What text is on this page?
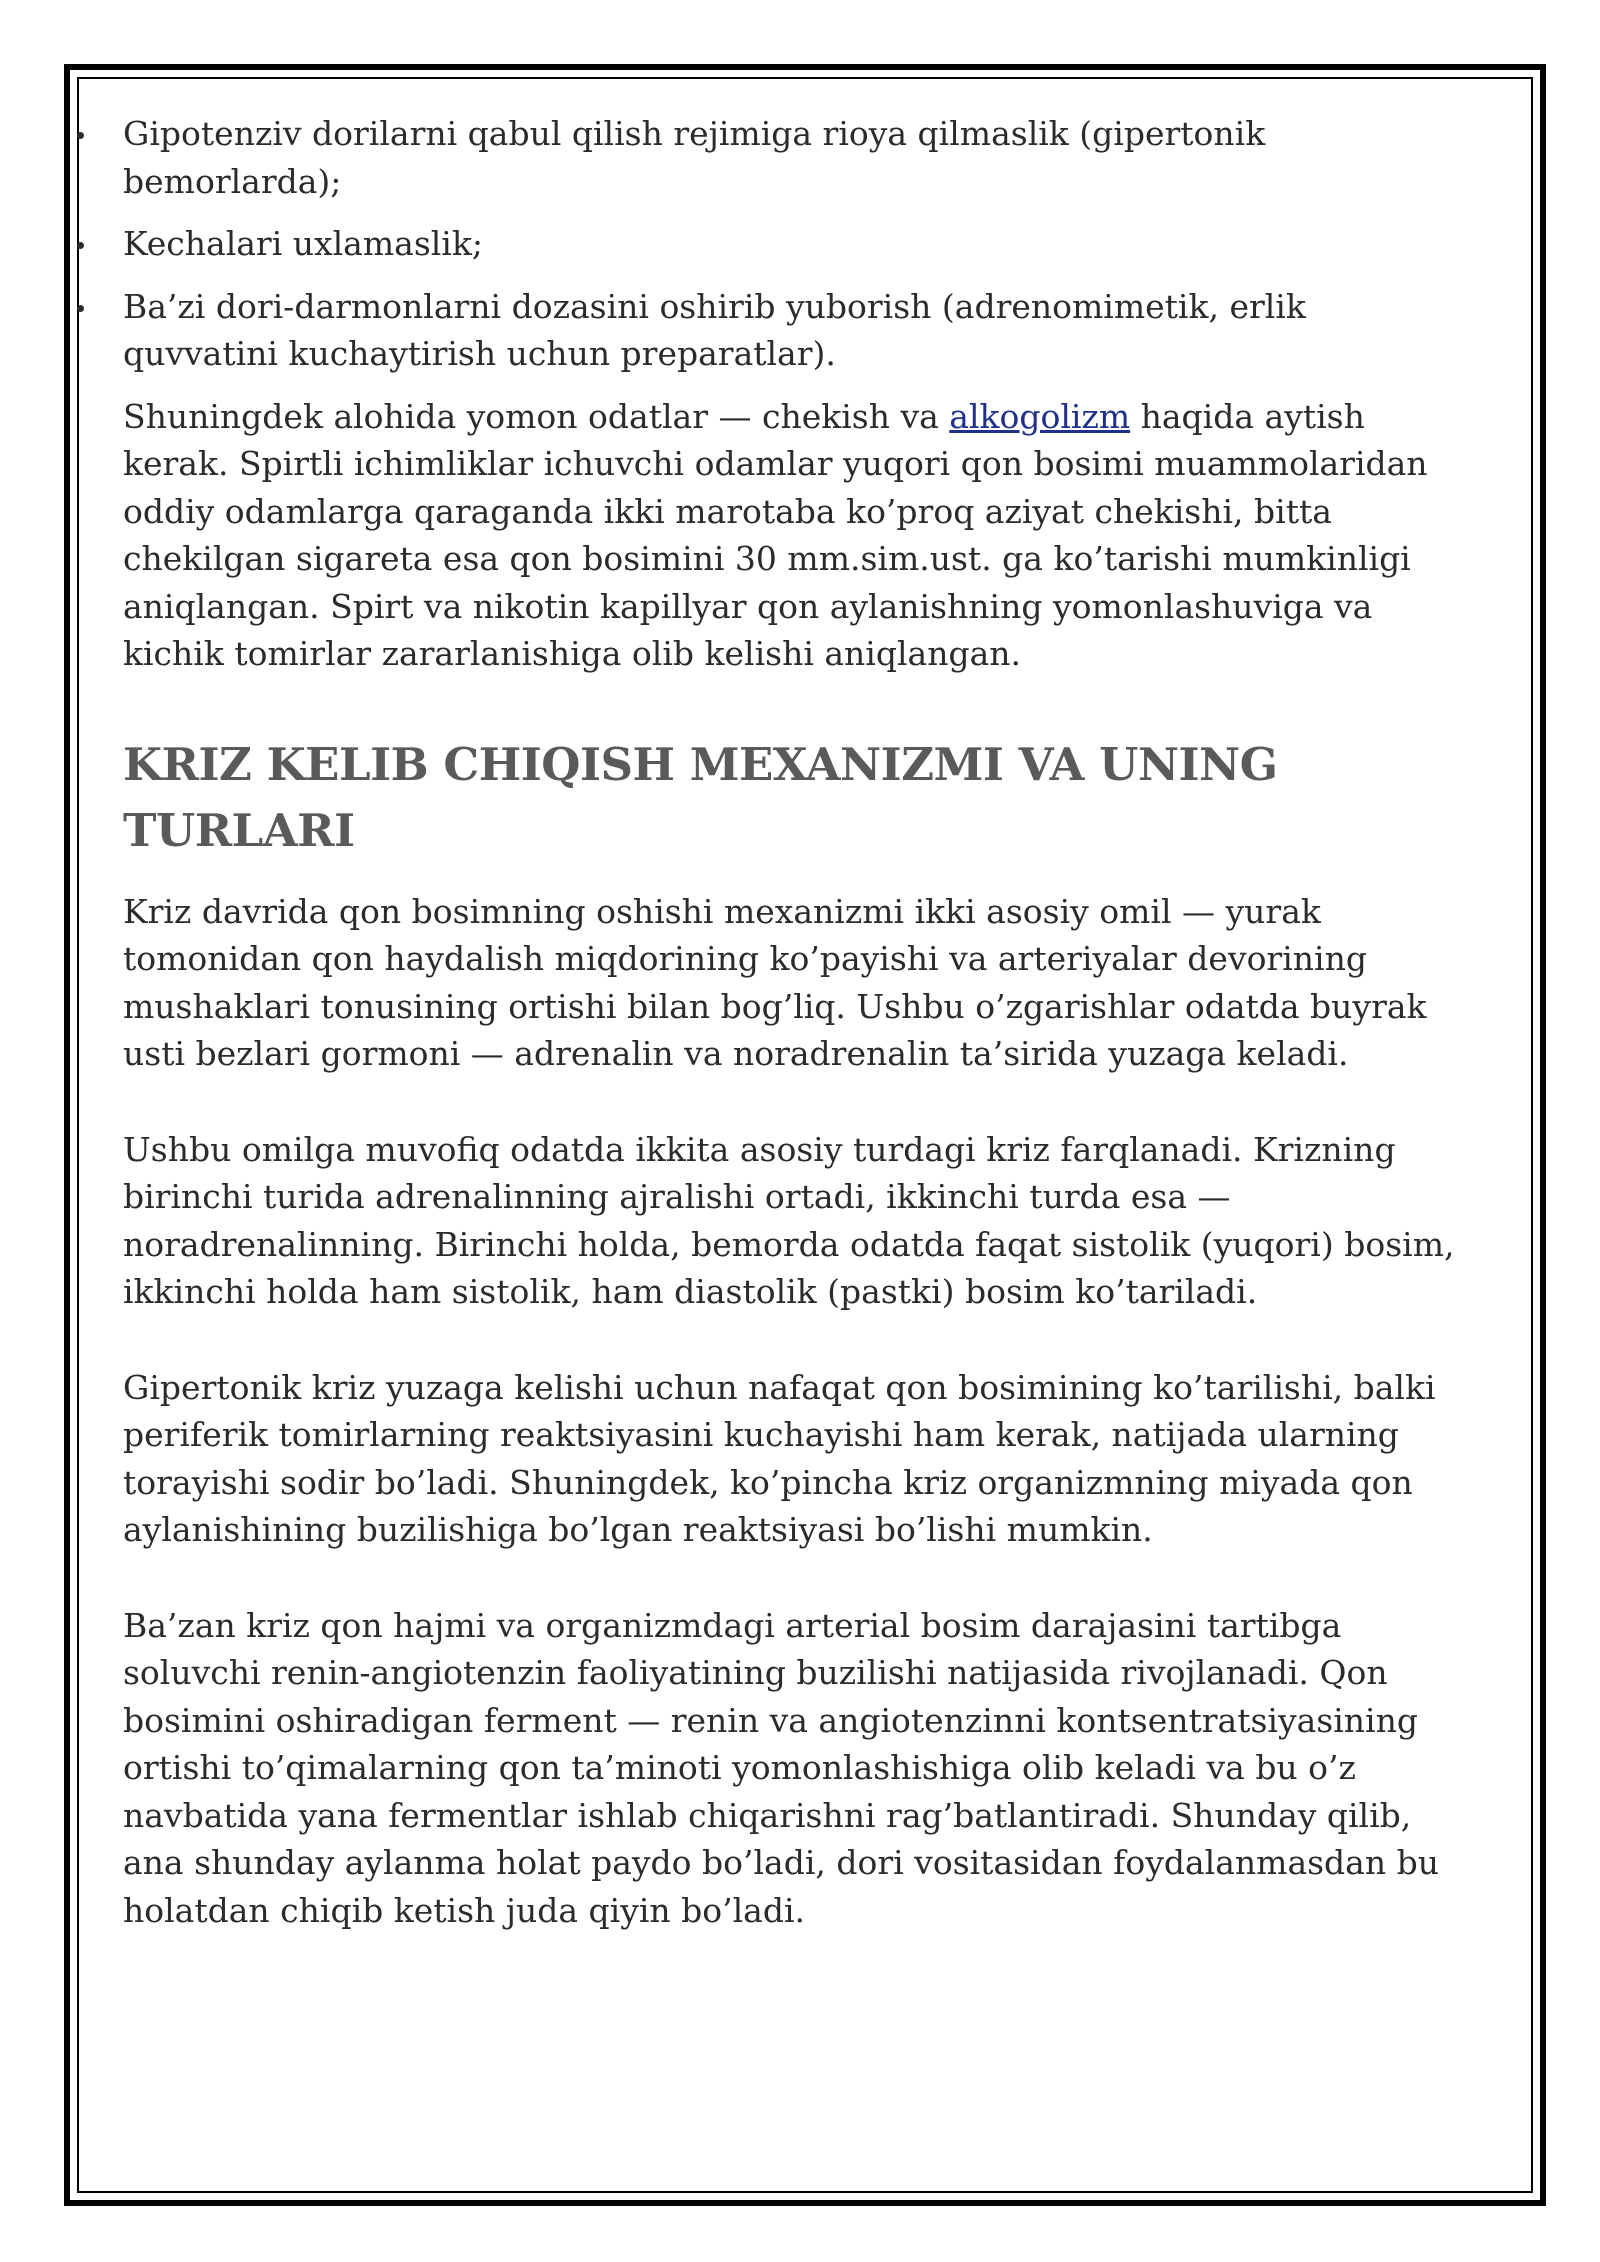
Gipotenziv dorilarni qabul qilish rejimiga rioya qilmaslik (gipertonik bemorlarda);
Kechalari uxlamaslik;
Ba’zi dori-darmonlarni dozasini oshirib yuborish (adrenomimetik, erlik quvvatini kuchaytirish uchun preparatlar).

Shuningdek alohida yomon odatlar — chekish va alkogolizm haqida aytish kerak. Spirtli ichimliklar ichuvchi odamlar yuqori qon bosimi muammolaridan oddiy odamlarga qaraganda ikki marotaba ko’proq aziyat chekishi, bitta chekilgan sigareta esa qon bosimini 30 mm.sim.ust. ga ko’tarishi mumkinligi aniqlangan. Spirt va nikotin kapillyar qon aylanishning yomonlashuviga va kichik tomirlar zararlanishiga olib kelishi aniqlangan.

KRIZ KELIB CHIQISH MEXANIZMI VA UNING TURLARI

Kriz davrida qon bosimning oshishi mexanizmi ikki asosiy omil — yurak tomonidan qon haydalish miqdorining ko’payishi va arteriyalar devorining mushaklari tonusining ortishi bilan bog’liq. Ushbu o’zgarishlar odatda buyrak usti bezlari gormoni — adrenalin va noradrenalin ta’sirida yuzaga keladi.

Ushbu omilga muvofiq odatda ikkita asosiy turdagi kriz farqlanadi. Krizning birinchi turida adrenalinning ajralishi ortadi, ikkinchi turda esa — noradrenalinning. Birinchi holda, bemorda odatda faqat sistolik (yuqori) bosim, ikkinchi holda ham sistolik, ham diastolik (pastki) bosim ko’tariladi.

Gipertonik kriz yuzaga kelishi uchun nafaqat qon bosimining ko’tarilishi, balki periferik tomirlarning reaktsiyasini kuchayishi ham kerak, natijada ularning torayishi sodir bo’ladi. Shuningdek, ko’pincha kriz organizmning miyada qon aylanishining buzilishiga bo’lgan reaktsiyasi bo’lishi mumkin.

Ba’zan kriz qon hajmi va organizmdagi arterial bosim darajasini tartibga soluvchi renin-angiotenzin faoliyatining buzilishi natijasida rivojlanadi. Qon bosimini oshiradigan ferment — renin va angiotenzinni kontsentratsiyasining ortishi to’qimalarning qon ta’minoti yomonlashishiga olib keladi va bu o’z navbatida yana fermentlar ishlab chiqarishni rag’batlantiradi. Shunday qilib, ana shunday aylanma holat paydo bo’ladi, dori vositasidan foydalanmasdan bu holatdan chiqib ketish juda qiyin bo’ladi.
